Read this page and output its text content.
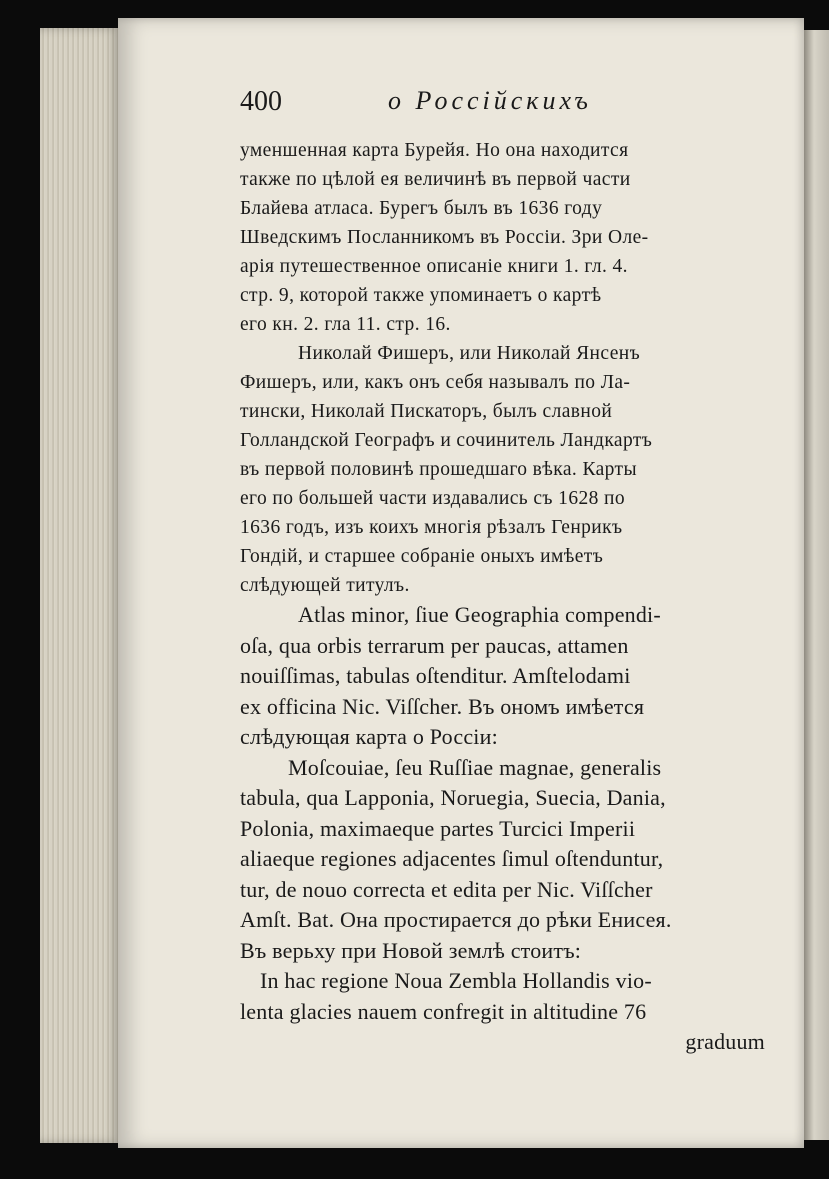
400	о Россійскихъ

уменшенная карта Бурейя. Но она находится
также по цѣлой ея величинѣ въ первой части
Блайева атласа. Бурегъ былъ въ 1636 году
Шведскимъ Посланникомъ въ Россіи. Зри Оле-
арія путешественное описаніе книги 1. гл. 4.
стр. 9, которой также упоминаетъ о картѣ
его кн. 2. гла 11. стр. 16.

Николай Фишеръ, или Николай Янсенъ
Фишеръ, или, какъ онъ себя называлъ по Ла-
тински, Николай Пискаторъ, былъ славной
Голландской Географъ и сочинитель Ландкартъ
въ первой половинѣ прошедшаго вѣка. Карты
его по большей части издавались съ 1628 по
1636 годъ, изъ коихъ многія рѣзалъ Генрикъ
Гондій, и старшее собраніе оныхъ имѣетъ
слѣдующей титулъ.

Atlas minor, ſiue Geographia compendi-
oſa, qua orbis terrarum per paucas, attamen
nouiſſimas, tabulas oſtenditur. Amſtelodami
ex officina Nic. Viſſcher. Въ ономъ имѣется
слѣдующая карта о Россіи:

Moſcouiae, ſeu Ruſſiae magnae, generalis
tabula, qua Lapponia, Noruegia, Suecia, Dania,
Polonia, maximaeque partes Turcici Imperii
aliaeque regiones adjacentes ſimul oſtenduntur,
tur, de nouo correcta et edita per Nic. Viſſcher
Amſt. Bat. Она простирается до рѣки Енисея.
Въ верьху при Новой землѣ стоитъ:

In hac regione Noua Zembla Hollandis vio-
lenta glacies nauem confregit in altitudine 76
graduum
